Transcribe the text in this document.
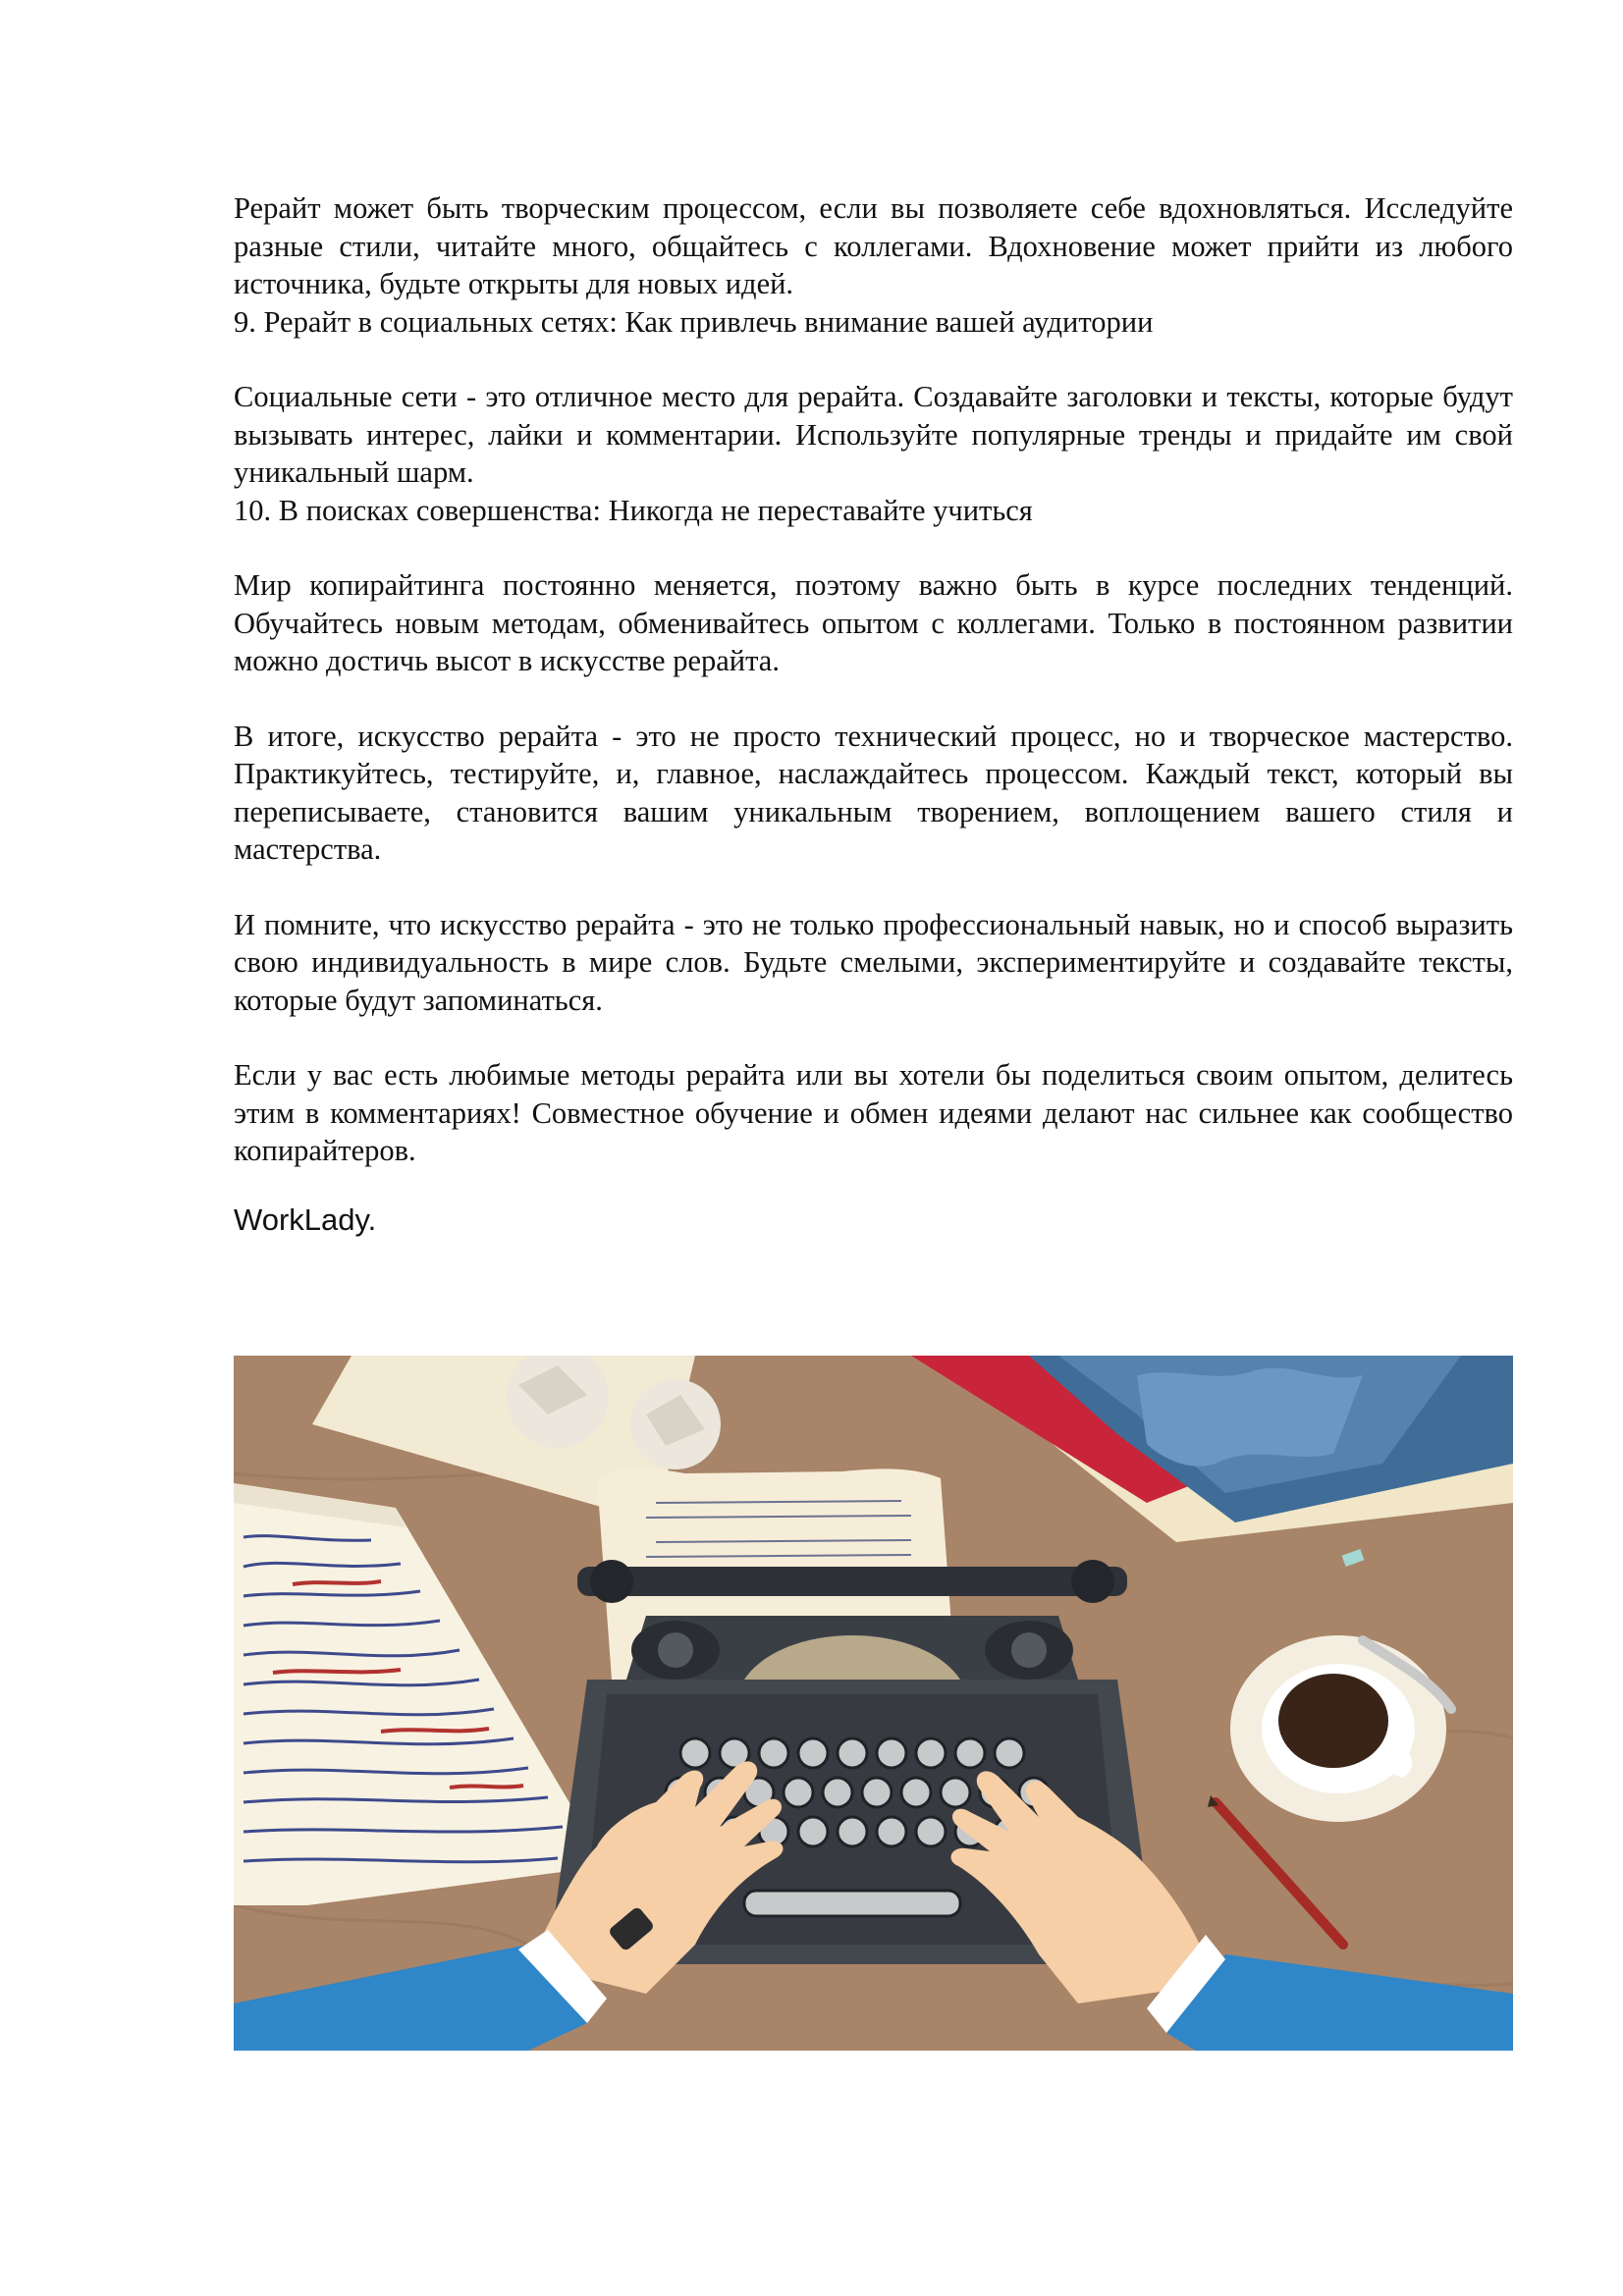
Рерайт может быть творческим процессом, если вы позволяете себе вдохновляться. Исследуйте разные стили, читайте много, общайтесь с коллегами. Вдохновение может прийти из любого источника, будьте открыты для новых идей.

9. Рерайт в социальных сетях: Как привлечь внимание вашей аудитории

Социальные сети - это отличное место для рерайта. Создавайте заголовки и тексты, которые будут вызывать интерес, лайки и комментарии. Используйте популярные тренды и придайте им свой уникальный шарм.

10. В поисках совершенства: Никогда не переставайте учиться

Мир копирайтинга постоянно меняется, поэтому важно быть в курсе последних тенденций. Обучайтесь новым методам, обменивайтесь опытом с коллегами. Только в постоянном развитии можно достичь высот в искусстве рерайта.

В итоге, искусство рерайта - это не просто технический процесс, но и творческое мастерство. Практикуйтесь, тестируйте, и, главное, наслаждайтесь процессом. Каждый текст, который вы переписываете, становится вашим уникальным творением, воплощением вашего стиля и мастерства.

И помните, что искусство рерайта - это не только профессиональный навык, но и способ выразить свою индивидуальность в мире слов. Будьте смелыми, экспериментируйте и создавайте тексты, которые будут запоминаться.

Если у вас есть любимые методы рерайта или вы хотели бы поделиться своим опытом, делитесь этим в комментариях! Совместное обучение и обмен идеями делают нас сильнее как сообщество копирайтеров.

WorkLady.
